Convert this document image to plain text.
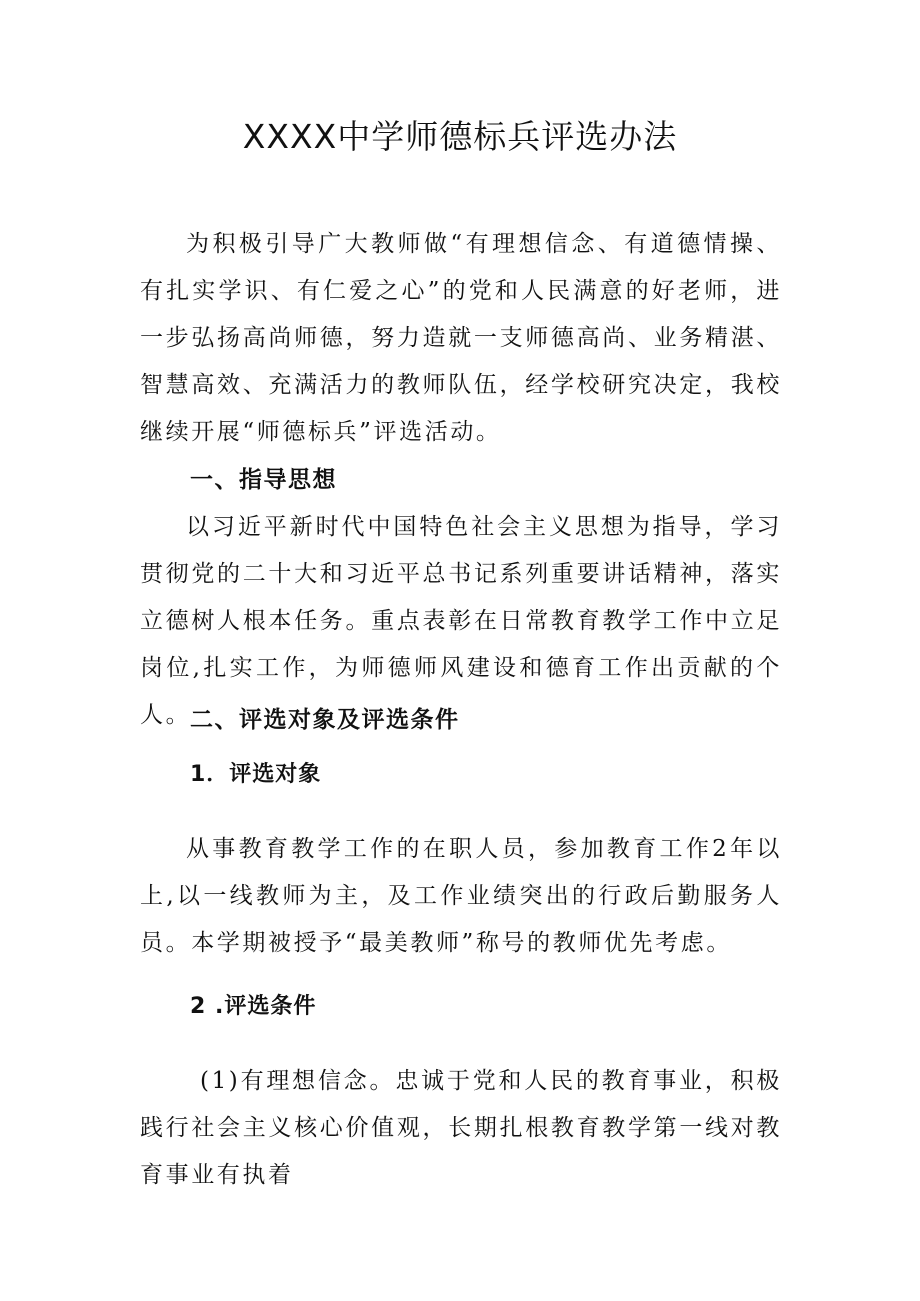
XXXX中学师德标兵评选办法

为积极引导广大教师做“有理想信念、有道德情操、有扎实学识、有仁爱之心”的党和人民满意的好老师，进一步弘扬高尚师德，努力造就一支师德高尚、业务精湛、智慧高效、充满活力的教师队伍，经学校研究决定，我校继续开展“师德标兵”评选活动。

一、指导思想

以习近平新时代中国特色社会主义思想为指导，学习贯彻党的二十大和习近平总书记系列重要讲话精神，落实立德树人根本任务。重点表彰在日常教育教学工作中立足岗位,扎实工作，为师德师风建设和德育工作出贡献的个人。

二、评选对象及评选条件
1．评选对象

从事教育教学工作的在职人员，参加教育工作2年以上,以一线教师为主，及工作业绩突出的行政后勤服务人员。本学期被授予“最美教师”称号的教师优先考虑。

2 .评选条件

(1)有理想信念。忠诚于党和人民的教育事业，积极践行社会主义核心价值观，长期扎根教育教学第一线对教育事业有执着
